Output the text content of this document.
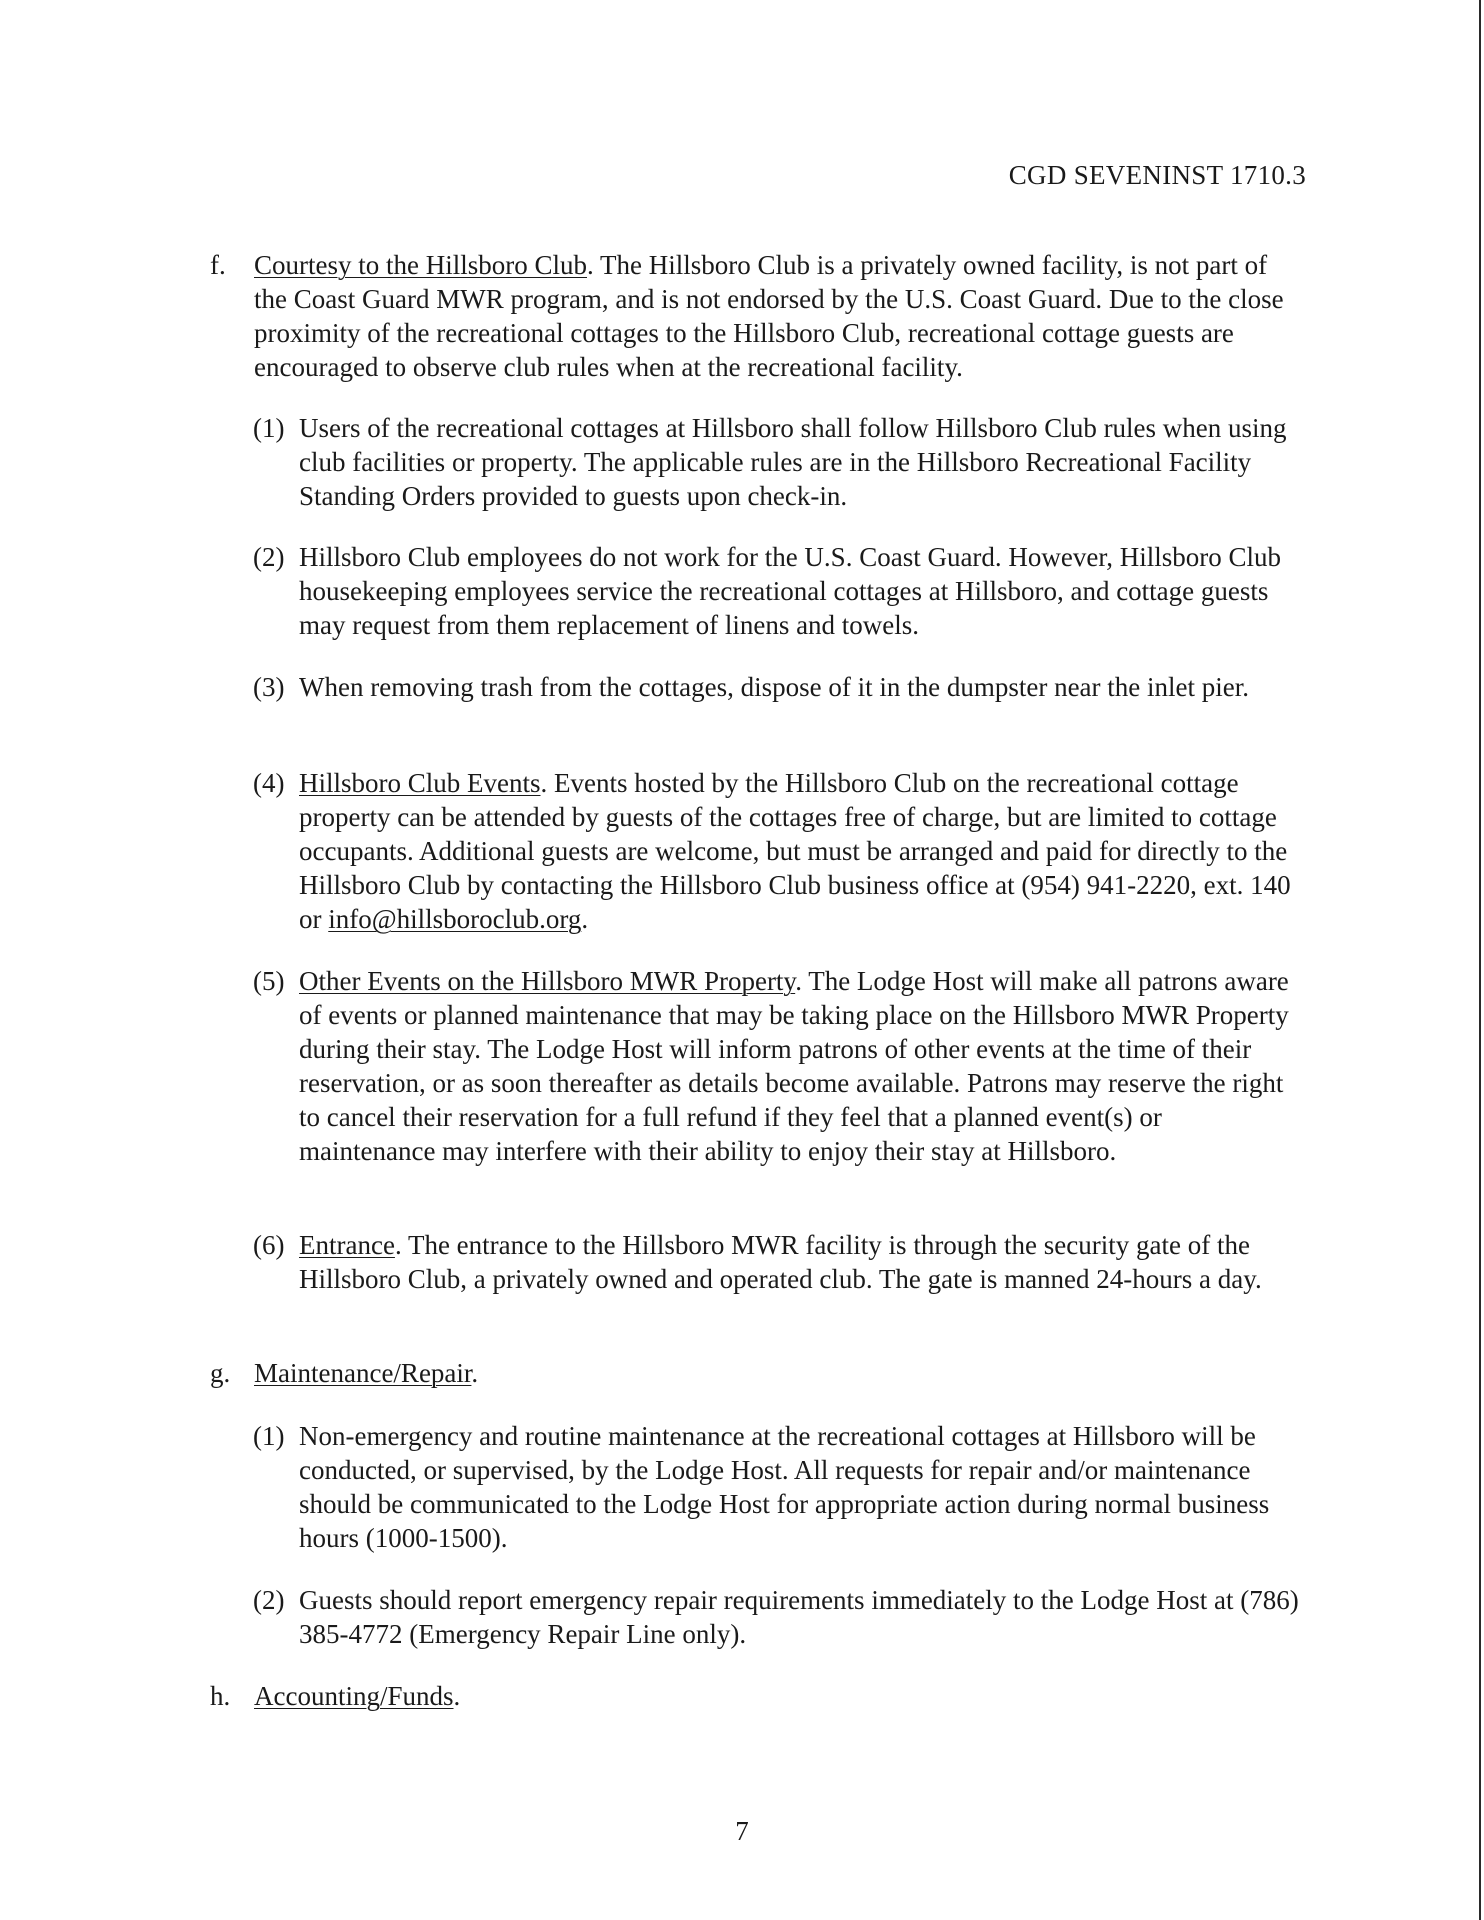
CGD SEVENINST 1710.3
f. Courtesy to the Hillsboro Club. The Hillsboro Club is a privately owned facility, is not part of the Coast Guard MWR program, and is not endorsed by the U.S. Coast Guard. Due to the close proximity of the recreational cottages to the Hillsboro Club, recreational cottage guests are encouraged to observe club rules when at the recreational facility.
(1) Users of the recreational cottages at Hillsboro shall follow Hillsboro Club rules when using club facilities or property. The applicable rules are in the Hillsboro Recreational Facility Standing Orders provided to guests upon check-in.
(2) Hillsboro Club employees do not work for the U.S. Coast Guard. However, Hillsboro Club housekeeping employees service the recreational cottages at Hillsboro, and cottage guests may request from them replacement of linens and towels.
(3) When removing trash from the cottages, dispose of it in the dumpster near the inlet pier.
(4) Hillsboro Club Events. Events hosted by the Hillsboro Club on the recreational cottage property can be attended by guests of the cottages free of charge, but are limited to cottage occupants. Additional guests are welcome, but must be arranged and paid for directly to the Hillsboro Club by contacting the Hillsboro Club business office at (954) 941-2220, ext. 140 or info@hillsboroclub.org.
(5) Other Events on the Hillsboro MWR Property. The Lodge Host will make all patrons aware of events or planned maintenance that may be taking place on the Hillsboro MWR Property during their stay. The Lodge Host will inform patrons of other events at the time of their reservation, or as soon thereafter as details become available. Patrons may reserve the right to cancel their reservation for a full refund if they feel that a planned event(s) or maintenance may interfere with their ability to enjoy their stay at Hillsboro.
(6) Entrance. The entrance to the Hillsboro MWR facility is through the security gate of the Hillsboro Club, a privately owned and operated club. The gate is manned 24-hours a day.
g. Maintenance/Repair.
(1) Non-emergency and routine maintenance at the recreational cottages at Hillsboro will be conducted, or supervised, by the Lodge Host. All requests for repair and/or maintenance should be communicated to the Lodge Host for appropriate action during normal business hours (1000-1500).
(2) Guests should report emergency repair requirements immediately to the Lodge Host at (786) 385-4772 (Emergency Repair Line only).
h. Accounting/Funds.
7
